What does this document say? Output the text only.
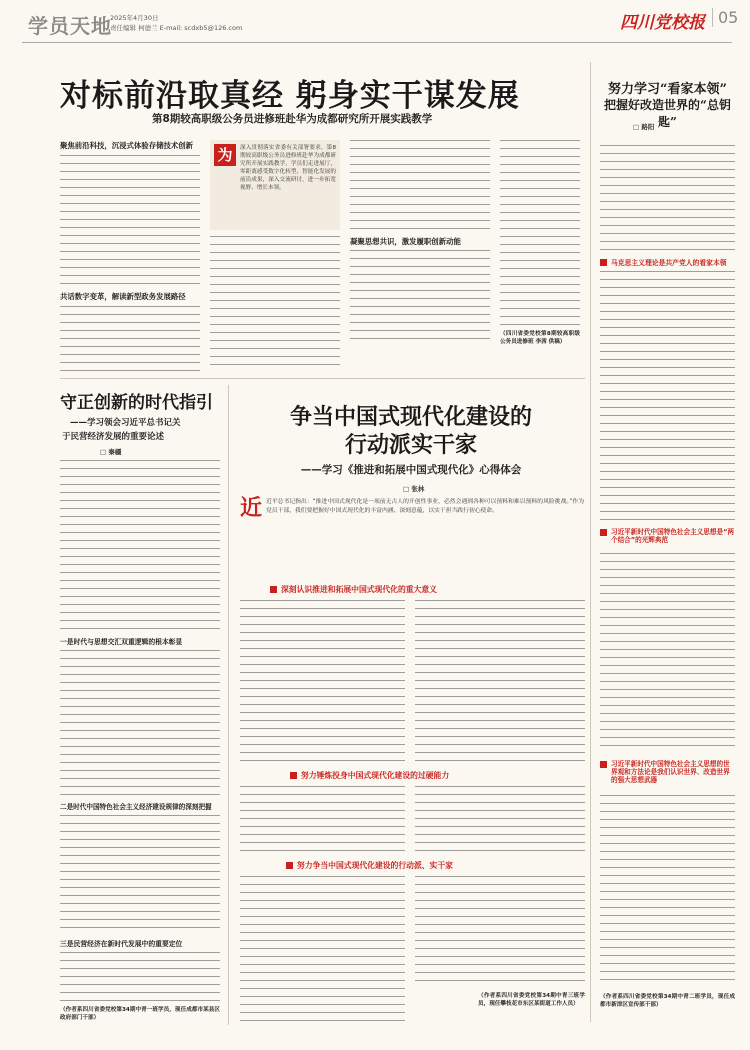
学员天地
2025年4月30日
责任编辑 柯德兰 E-mail: scdxb5@126.com	四川党校报 05
对标前沿取真经 躬身实干谋发展
第8期较高职级公务员进修班赴华为成都研究所开展实践教学
聚焦前沿科技，沉浸式体验存储技术创新
共话数字变革，解读新型政务发展路径
为	深入贯彻落实省委有关部署要求，第8期较高职级公务员进修班赴华为成都研究所开展实践教学，学员们走进展厅，零距离感受数字化转型、智能化发展的前沿成果，深入交流研讨，进一步拓宽视野、增长本领。
凝聚思想共识，激发履职创新动能
（四川省委党校第8期较高职级公务员进修班 李茜 供稿）
努力学习“看家本领”
把握好改造世界的“总钥匙”
□ 路阳
马克思主义理论是共产党人的看家本领
习近平新时代中国特色社会主义思想是“两个结合”的光辉典范
习近平新时代中国特色社会主义思想的世界观和方法论是我们认识世界、改造世界的强大思想武器
（作者系四川省委党校第34期中青二班学员，现任成都市新津区宣传部干部）
守正创新的时代指引
——学习领会习近平总书记关
于民营经济发展的重要论述
□ 秦疆
一是时代与思想交汇双重逻辑的根本彰显
二是时代中国特色社会主义经济建设规律的深刻把握
三是民营经济在新时代发展中的重要定位
（作者系四川省委党校第34期中青一班学员，现任成都市某县区政府部门干部）
争当中国式现代化建设的
行动派实干家
——学习《推进和拓展中国式现代化》心得体会
□ 张林
近 近平总书记指出：“推进中国式现代化是一项前无古人的开创性事业，必然会遇到各种可以预料和难以预料的风险挑战。”作为党员干部，我们要把握好中国式现代化的丰富内涵、深刻意蕴，以实干担当践行初心使命。
深刻认识推进和拓展中国式现代化的重大意义
努力锤炼投身中国式现代化建设的过硬能力
努力争当中国式现代化建设的行动派、实干家
（作者系四川省委党校第34期中青三班学员，现任攀枝花市东区某街道工作人员）
